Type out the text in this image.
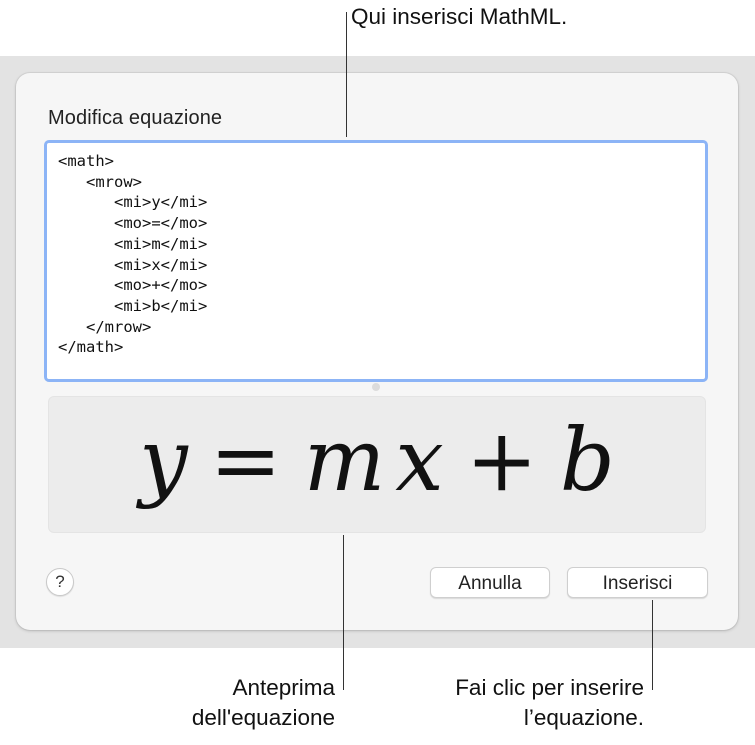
Modifica equazione
<math>
<mrow>
<mi>y</mi>
<mo>=</mo>
<mi>m</mi>
<mi>x</mi>
<mo>+</mo>
<mi>b</mi>
</mrow>
</math>
y = m x + b
?	Annulla	Inserisci
Qui inserisci MathML.
Anteprima
dell'equazione
Fai clic per inserire
l’equazione.
